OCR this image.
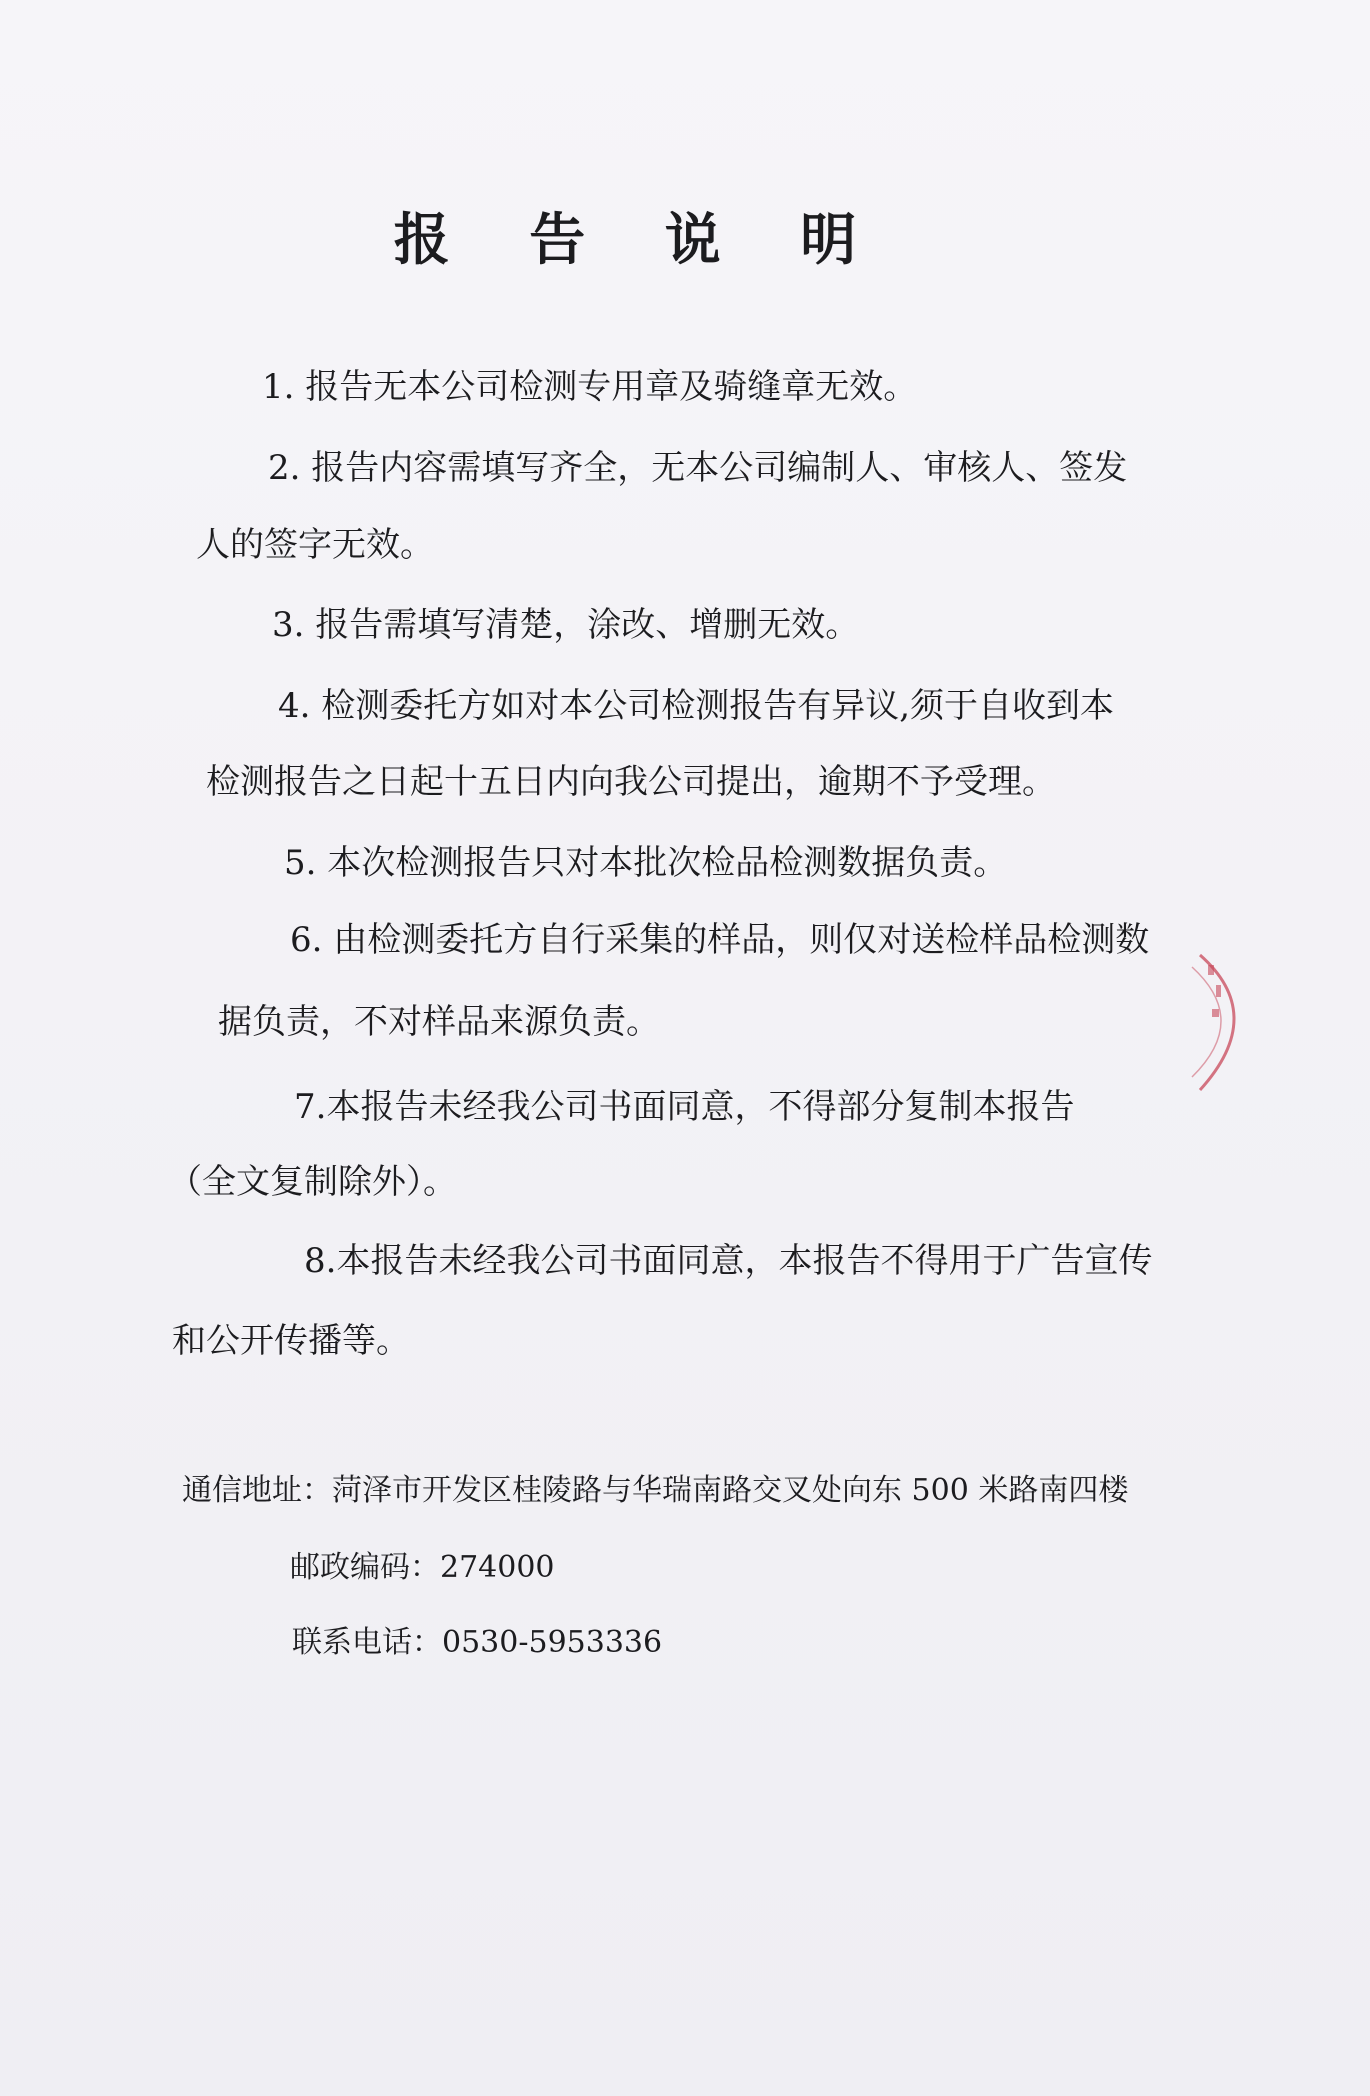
报 告 说 明
1. 报告无本公司检测专用章及骑缝章无效。
2. 报告内容需填写齐全，无本公司编制人、审核人、签发
人的签字无效。
3. 报告需填写清楚，涂改、增删无效。
4. 检测委托方如对本公司检测报告有异议,须于自收到本
检测报告之日起十五日内向我公司提出，逾期不予受理。
5. 本次检测报告只对本批次检品检测数据负责。
6. 由检测委托方自行采集的样品，则仅对送检样品检测数
据负责，不对样品来源负责。
7.本报告未经我公司书面同意，不得部分复制本报告
（全文复制除外）。
8.本报告未经我公司书面同意，本报告不得用于广告宣传
和公开传播等。
通信地址：菏泽市开发区桂陵路与华瑞南路交叉处向东 500 米路南四楼
邮政编码：274000
联系电话：0530-5953336
